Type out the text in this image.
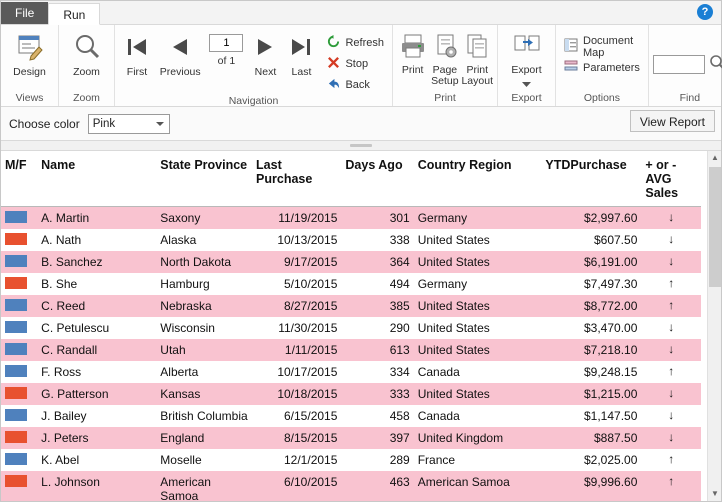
File	Run	?
Design
Views
Zoom
Zoom
First Previous
1
of 1
Next Last
Refresh
Stop
Back
Navigation
Print Page Setup
Print Layout
Print
Export
Export
Document Map
Parameters
Options	Find
Choose color Pink	View Report
M/F	Name	State Province	Last Purchase	Days Ago	Country Region	YTDPurchase	+ or - AVG Sales

	A. Martin	Saxony	11/19/2015	301	Germany	$2,997.60	↓

	A. Nath	Alaska	10/13/2015	338	United States	$607.50	↓

	B. Sanchez	North Dakota	9/17/2015	364	United States	$6,191.00	↓

	B. She	Hamburg	5/10/2015	494	Germany	$7,497.30	↑

	C. Reed	Nebraska	8/27/2015	385	United States	$8,772.00	↑

	C. Petulescu	Wisconsin	11/30/2015	290	United States	$3,470.00	↓

	C. Randall	Utah	1/11/2015	613	United States	$7,218.10	↓

	F. Ross	Alberta	10/17/2015	334	Canada	$9,248.15	↑

	G. Patterson	Kansas	10/18/2015	333	United States	$1,215.00	↓

	J. Bailey	British Columbia	6/15/2015	458	Canada	$1,147.50	↓

	J. Peters	England	8/15/2015	397	United Kingdom	$887.50	↓

	K. Abel	Moselle	12/1/2015	289	France	$2,025.00	↑

	L. Johnson	American Samoa	6/10/2015	463	American Samoa	$9,996.60	↑
▲
▼
